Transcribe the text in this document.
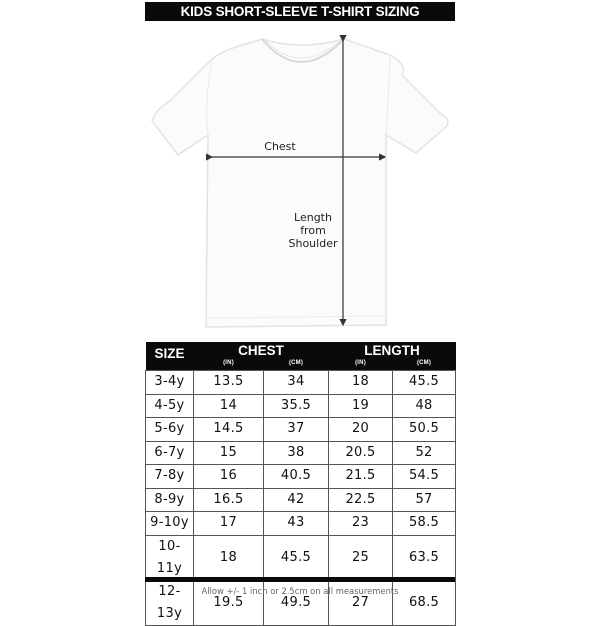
KIDS SHORT-SLEEVE T-SHIRT SIZING
Chest
Length
from
Shoulder
SIZE	CHEST		LENGTH	
	(IN)	(CM)	(IN)	(CM)
3-4y	13.5	34	18	45.5
4-5y	14	35.5	19	48
5-6y	14.5	37	20	50.5
6-7y	15	38	20.5	52
7-8y	16	40.5	21.5	54.5
8-9y	16.5	42	22.5	57
9-10y	17	43	23	58.5
10-11y	18	45.5	25	63.5
12-13y	19.5	49.5	27	68.5
Allow +/- 1 inch or 2.5cm on all measurements
